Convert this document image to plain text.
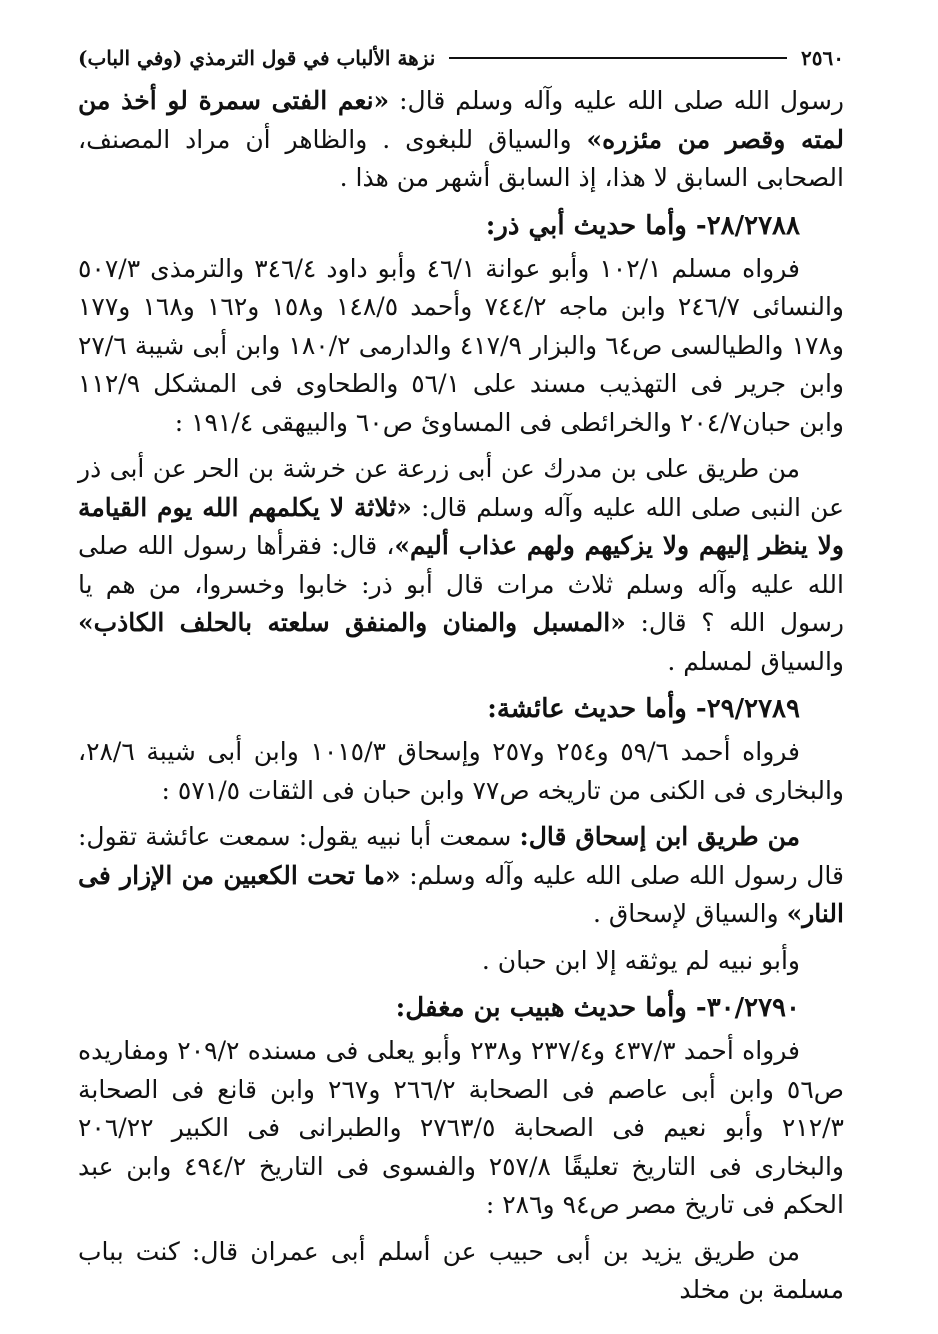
٢٥٦٠
نزهة الألباب في قول الترمذي (وفي الباب)

رسول الله صلى الله عليه وآله وسلم قال: «نعم الفتى سمرة لو أخذ من لمته وقصر من مئزره» والسياق للبغوى . والظاهر أن مراد المصنف، الصحابى السابق لا هذا، إذ السابق أشهر من هذا .

٢٨/٢٧٨٨- وأما حديث أبي ذر:

فرواه مسلم ١٠٢/١ وأبو عوانة ٤٦/١ وأبو داود ٣٤٦/٤ والترمذى ٥٠٧/٣ والنسائى ٢٤٦/٧ وابن ماجه ٧٤٤/٢ وأحمد ١٤٨/٥ و١٥٨ و١٦٢ و١٦٨ و١٧٧ و١٧٨ والطيالسى ص٦٤ والبزار ٤١٧/٩ والدارمى ١٨٠/٢ وابن أبى شيبة ٢٧/٦ وابن جرير فى التهذيب مسند على ٥٦/١ والطحاوى فى المشكل ١١٢/٩ وابن حبان٢٠٤/٧ والخرائطى فى المساوئ ص٦٠ والبيهقى ١٩١/٤ :

من طريق على بن مدرك عن أبى زرعة عن خرشة بن الحر عن أبى ذر عن النبى صلى الله عليه وآله وسلم قال: «ثلاثة لا يكلمهم الله يوم القيامة ولا ينظر إليهم ولا يزكيهم ولهم عذاب أليم»، قال: فقرأها رسول الله صلى الله عليه وآله وسلم ثلاث مرات قال أبو ذر: خابوا وخسروا، من هم يا رسول الله ؟ قال: «المسبل والمنان والمنفق سلعته بالحلف الكاذب» والسياق لمسلم .

٢٩/٢٧٨٩- وأما حديث عائشة:

فرواه أحمد ٥٩/٦ و٢٥٤ و٢٥٧ وإسحاق ١٠١٥/٣ وابن أبى شيبة ٢٨/٦، والبخارى فى الكنى من تاريخه ص٧٧ وابن حبان فى الثقات ٥٧١/٥ :

من طريق ابن إسحاق قال: سمعت أبا نبيه يقول: سمعت عائشة تقول: قال رسول الله صلى الله عليه وآله وسلم: «ما تحت الكعبين من الإزار فى النار» والسياق لإسحاق .

وأبو نبيه لم يوثقه إلا ابن حبان .

٣٠/٢٧٩٠- وأما حديث هبيب بن مغفل:

فرواه أحمد ٤٣٧/٣ و٢٣٧/٤ و٢٣٨ وأبو يعلى فى مسنده ٢٠٩/٢ ومفاريده ص٥٦ وابن أبى عاصم فى الصحابة ٢٦٦/٢ و٢٦٧ وابن قانع فى الصحابة ٢١٢/٣ وأبو نعيم فى الصحابة ٢٧٦٣/٥ والطبرانى فى الكبير ٢٠٦/٢٢ والبخارى فى التاريخ تعليقًا ٢٥٧/٨ والفسوى فى التاريخ ٤٩٤/٢ وابن عبد الحكم فى تاريخ مصر ص٩٤ و٢٨٦ :

من طريق يزيد بن أبى حبيب عن أسلم أبى عمران قال: كنت بباب مسلمة بن مخلد
